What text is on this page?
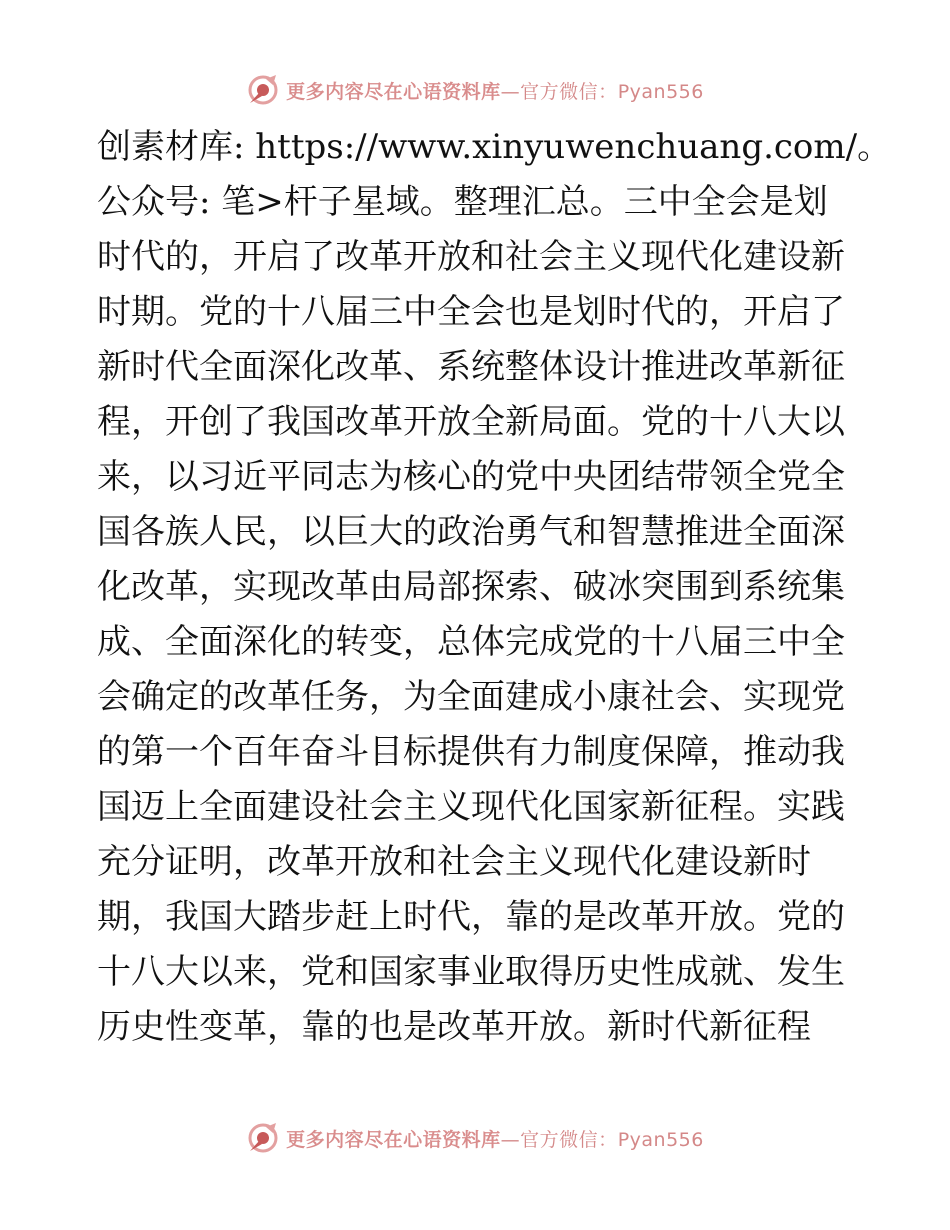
更多内容尽在心语资料库—官方微信：Pyan556
创素材库: https://www.xinyuwenchuang.com/。
公众号: 笔>杆子星域。整理汇总。三中全会是划
时代的，开启了改革开放和社会主义现代化建设新
时期。党的十八届三中全会也是划时代的，开启了
新时代全面深化改革、系统整体设计推进改革新征
程，开创了我国改革开放全新局面。党的十八大以
来，以习近平同志为核心的党中央团结带领全党全
国各族人民，以巨大的政治勇气和智慧推进全面深
化改革，实现改革由局部探索、破冰突围到系统集
成、全面深化的转变，总体完成党的十八届三中全
会确定的改革任务，为全面建成小康社会、实现党
的第一个百年奋斗目标提供有力制度保障，推动我
国迈上全面建设社会主义现代化国家新征程。实践
充分证明，改革开放和社会主义现代化建设新时
期，我国大踏步赶上时代，靠的是改革开放。党的
十八大以来，党和国家事业取得历史性成就、发生
历史性变革，靠的也是改革开放。新时代新征程
更多内容尽在心语资料库—官方微信：Pyan556
